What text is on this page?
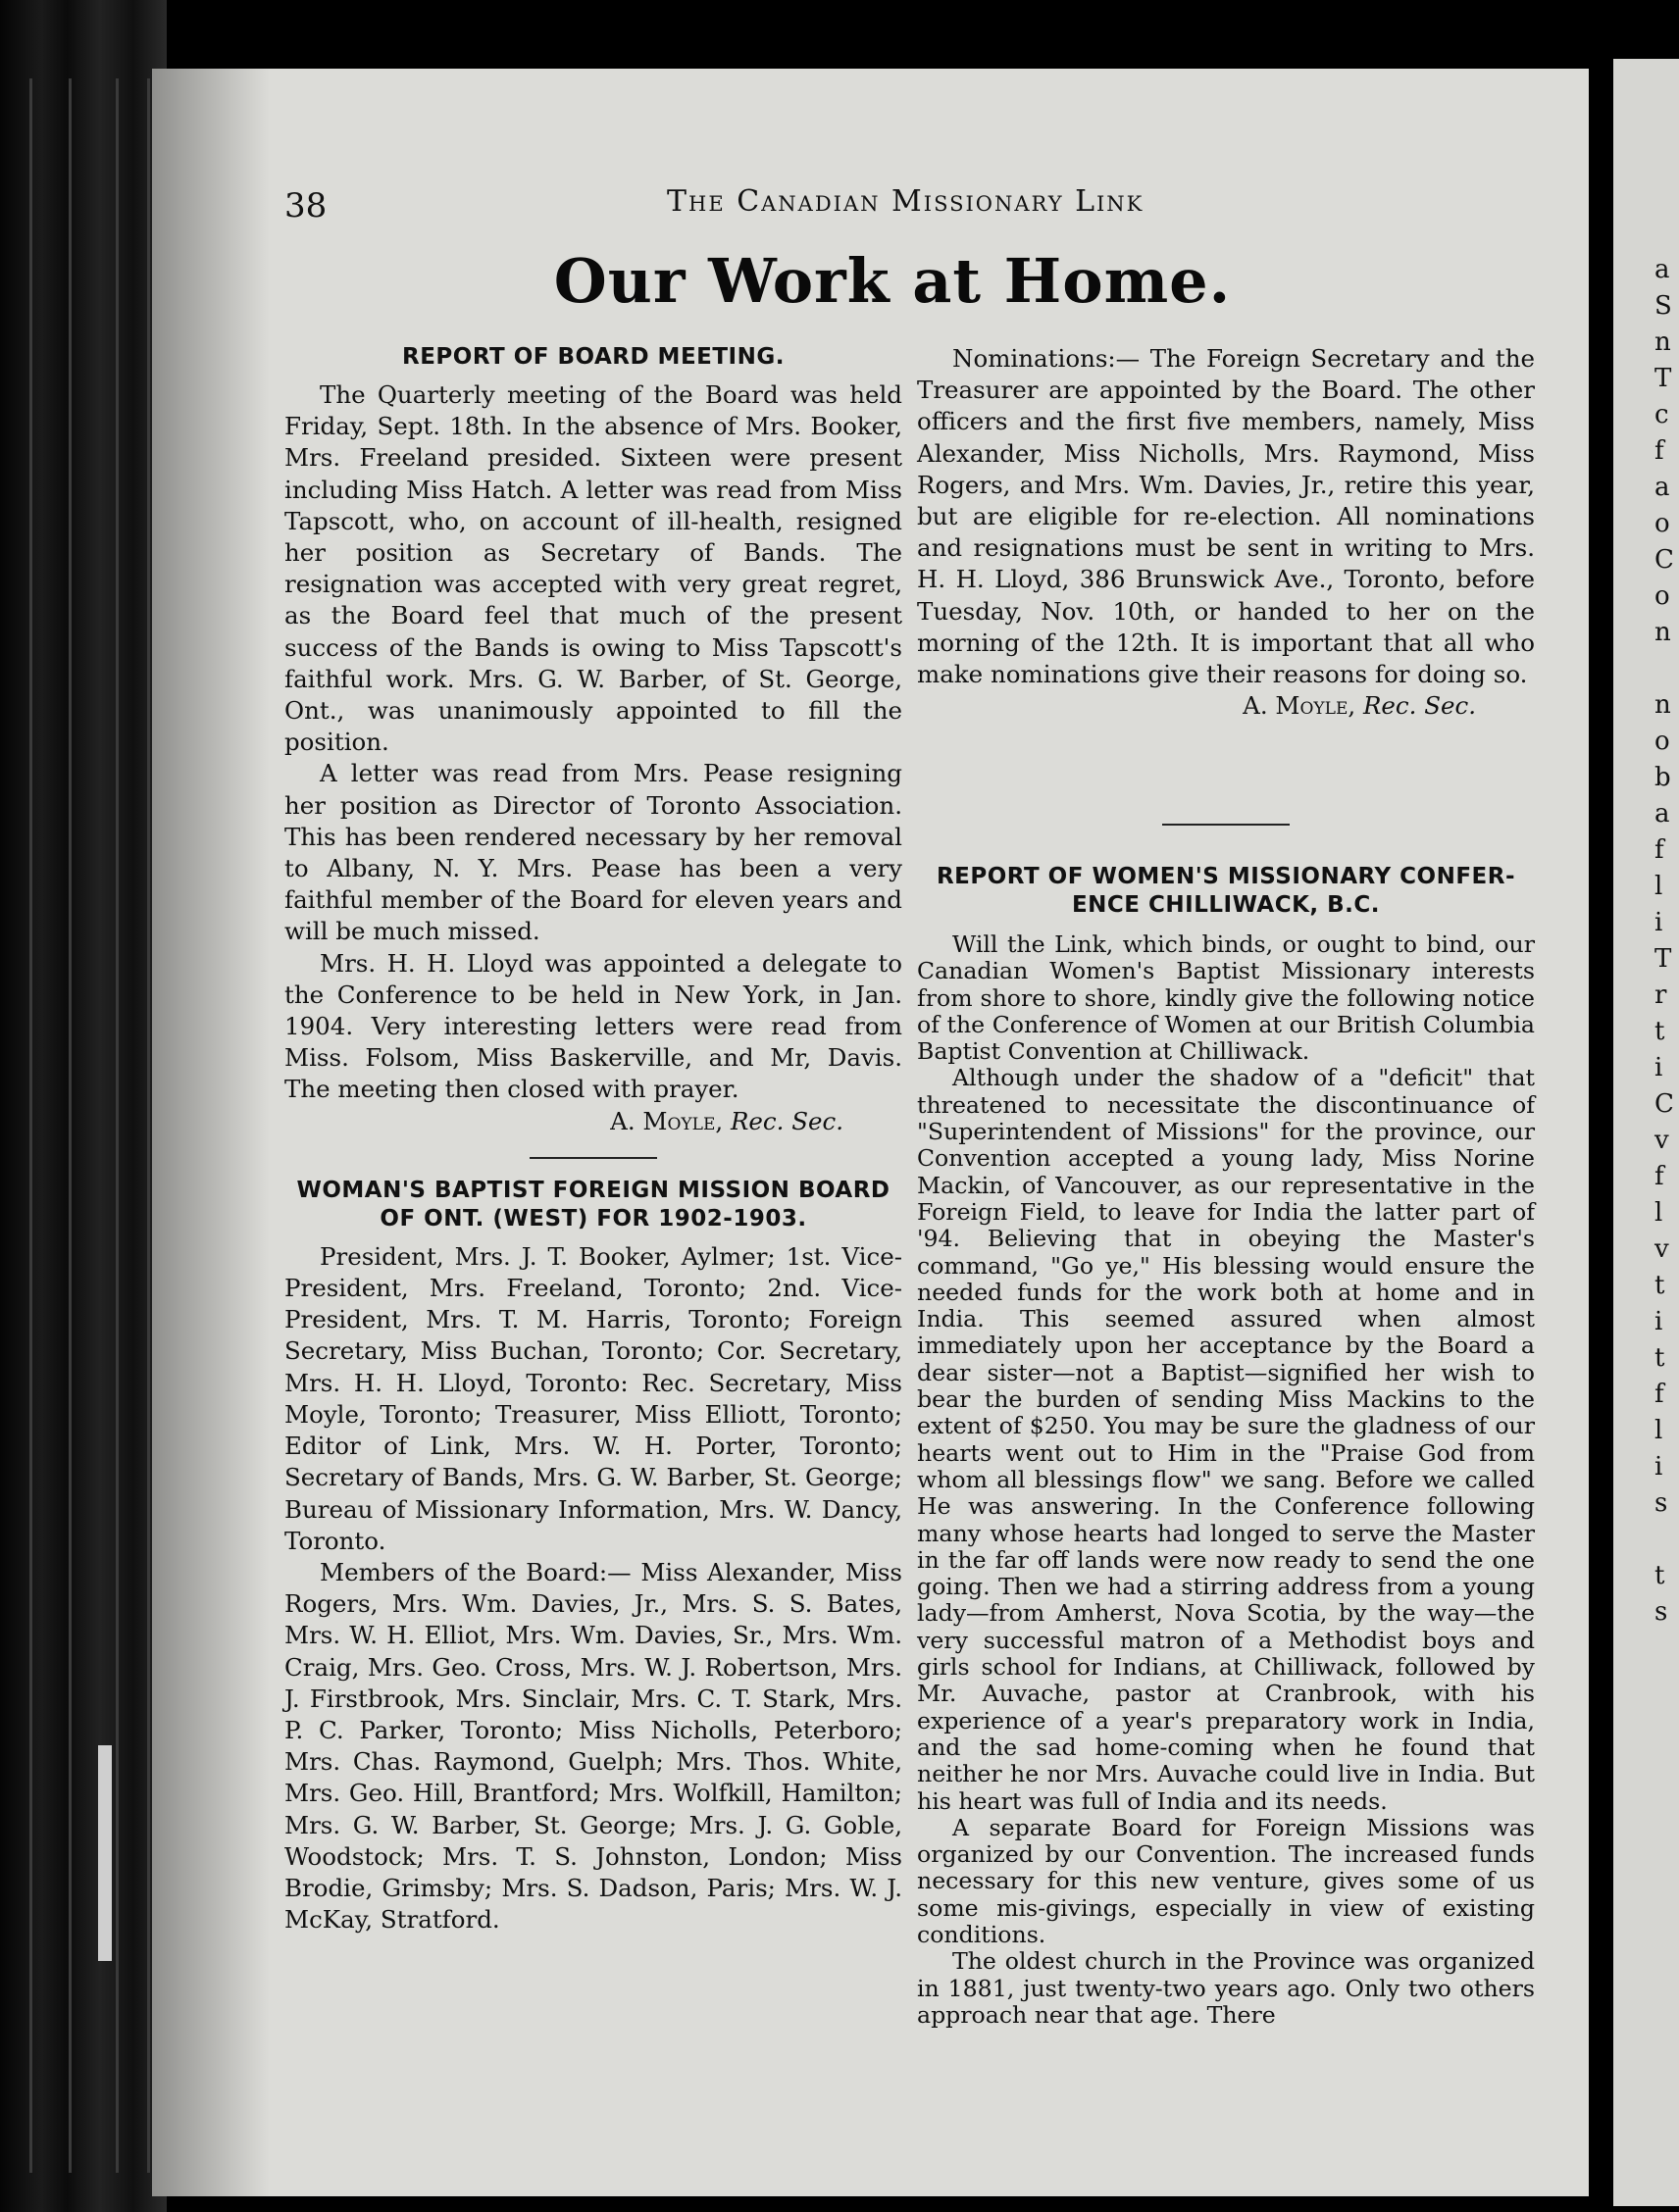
a
S
n
T
c
f
a
o
C
o
n
n
o
b
a
f
l
i
T
r
t
i
C
v
f
l
v
t
i
t
f
l
i
s
t
s
38	The Canadian Missionary Link
Our Work at Home.
REPORT OF BOARD MEETING.

The Quarterly meeting of the Board was held Friday, Sept. 18th. In the absence of Mrs. Booker, Mrs. Freeland presided. Sixteen were present including Miss Hatch. A letter was read from Miss Tapscott, who, on account of ill-health, resigned her position as Secretary of Bands. The resignation was accepted with very great regret, as the Board feel that much of the present success of the Bands is owing to Miss Tapscott's faithful work. Mrs. G. W. Barber, of St. George, Ont., was unanimously appointed to fill the position.

A letter was read from Mrs. Pease resigning her position as Director of Toronto Association. This has been rendered necessary by her removal to Albany, N. Y. Mrs. Pease has been a very faithful member of the Board for eleven years and will be much missed.

Mrs. H. H. Lloyd was appointed a delegate to the Conference to be held in New York, in Jan. 1904. Very interesting letters were read from Miss. Folsom, Miss Baskerville, and Mr, Davis. The meeting then closed with prayer.

A. Moyle, Rec. Sec.

WOMAN'S BAPTIST FOREIGN MISSION BOARD
OF ONT. (WEST) FOR 1902-1903.

President, Mrs. J. T. Booker, Aylmer; 1st. Vice-President, Mrs. Freeland, Toronto; 2nd. Vice-President, Mrs. T. M. Harris, Toronto; Foreign Secretary, Miss Buchan, Toronto; Cor. Secretary, Mrs. H. H. Lloyd, Toronto: Rec. Secretary, Miss Moyle, Toronto; Treasurer, Miss Elliott, Toronto; Editor of Link, Mrs. W. H. Porter, Toronto; Secretary of Bands, Mrs. G. W. Barber, St. George; Bureau of Missionary Information, Mrs. W. Dancy, Toronto.

Members of the Board:— Miss Alexander, Miss Rogers, Mrs. Wm. Davies, Jr., Mrs. S. S. Bates, Mrs. W. H. Elliot, Mrs. Wm. Davies, Sr., Mrs. Wm. Craig, Mrs. Geo. Cross, Mrs. W. J. Robertson, Mrs. J. Firstbrook, Mrs. Sinclair, Mrs. C. T. Stark, Mrs. P. C. Parker, Toronto; Miss Nicholls, Peterboro; Mrs. Chas. Raymond, Guelph; Mrs. Thos. White, Mrs. Geo. Hill, Brantford; Mrs. Wolfkill, Hamilton; Mrs. G. W. Barber, St. George; Mrs. J. G. Goble, Woodstock; Mrs. T. S. Johnston, London; Miss Brodie, Grimsby; Mrs. S. Dadson, Paris; Mrs. W. J. McKay, Stratford.

Nominations:— The Foreign Secretary and the Treasurer are appointed by the Board. The other officers and the first five members, namely, Miss Alexander, Miss Nicholls, Mrs. Raymond, Miss Rogers, and Mrs. Wm. Davies, Jr., retire this year, but are eligible for re-election. All nominations and resignations must be sent in writing to Mrs. H. H. Lloyd, 386 Brunswick Ave., Toronto, before Tuesday, Nov. 10th, or handed to her on the morning of the 12th. It is important that all who make nominations give their reasons for doing so.

A. Moyle, Rec. Sec.

REPORT OF WOMEN'S MISSIONARY CONFER-
ENCE CHILLIWACK, B.C.

Will the Link, which binds, or ought to bind, our Canadian Women's Baptist Missionary interests from shore to shore, kindly give the following notice of the Conference of Women at our British Columbia Baptist Convention at Chilliwack.

Although under the shadow of a "deficit" that threatened to necessitate the discontinuance of "Superintendent of Missions" for the province, our Convention accepted a young lady, Miss Norine Mackin, of Vancouver, as our representative in the Foreign Field, to leave for India the latter part of '94. Believing that in obeying the Master's command, "Go ye," His blessing would ensure the needed funds for the work both at home and in India. This seemed assured when almost immediately upon her acceptance by the Board a dear sister—not a Baptist—signified her wish to bear the burden of sending Miss Mackins to the extent of $250. You may be sure the gladness of our hearts went out to Him in the "Praise God from whom all blessings flow" we sang. Before we called He was answering. In the Conference following many whose hearts had longed to serve the Master in the far off lands were now ready to send the one going. Then we had a stirring address from a young lady—from Amherst, Nova Scotia, by the way—the very successful matron of a Methodist boys and girls school for Indians, at Chilliwack, followed by Mr. Auvache, pastor at Cranbrook, with his experience of a year's preparatory work in India, and the sad home-coming when he found that neither he nor Mrs. Auvache could live in India. But his heart was full of India and its needs.

A separate Board for Foreign Missions was organized by our Convention. The increased funds necessary for this new venture, gives some of us some mis-givings, especially in view of existing conditions.

The oldest church in the Province was organized in 1881, just twenty-two years ago. Only two others approach near that age. There
